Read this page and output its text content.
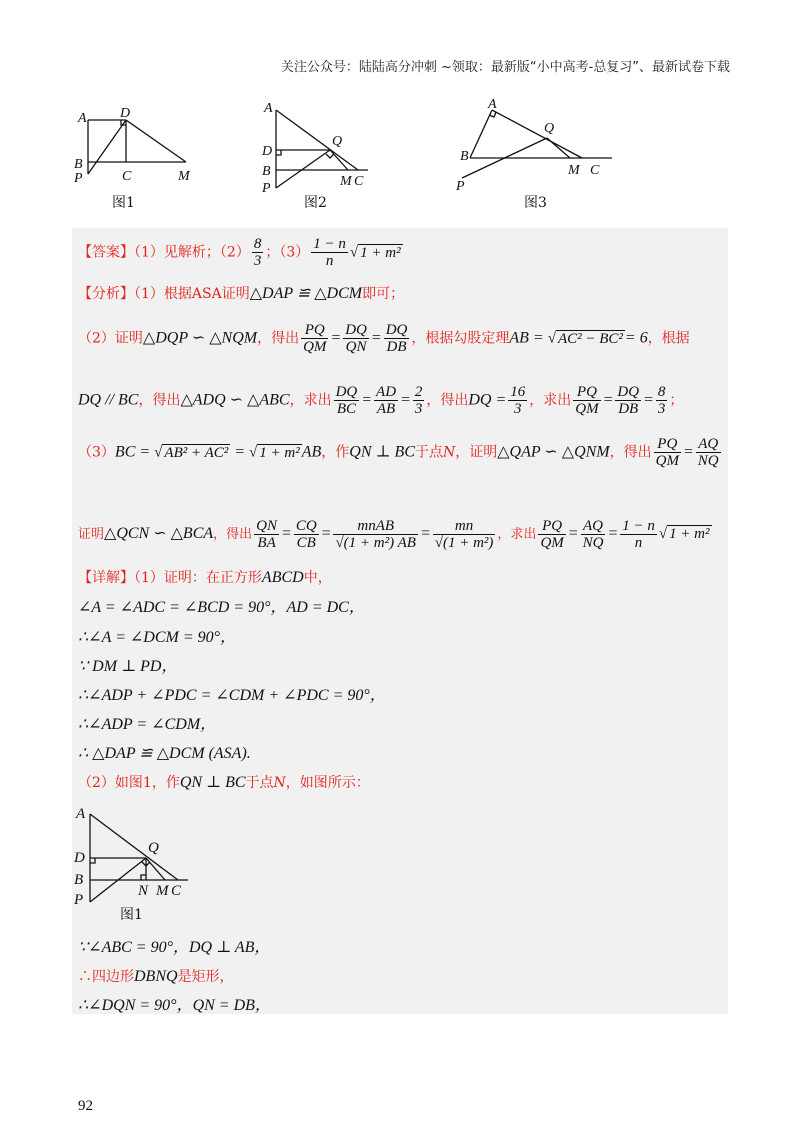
关注公众号：陆陆高分冲刺 ~领取：最新版“小中高考-总复习”、最新试卷下载
A D
B
P	C	M
图1
A
Q
D
B
P	M C
图2
A
Q
B
P
M C
图3
【答案】（1）见解析；$(2) \frac{8}{3}$ ；$(3) \frac{1 - n}{n}$ √ 1 + m²
【分析】（1）根据ASA证明△DAP ≌ △DCM即可；
（2）证明△DQP ∽ △NQM，得出 $\frac{PQ}{QM} = \frac{DQ}{QN} = \frac{DQ}{DB}$ ，根据勾股定理AB = √ AC² − BC² = 6，根据
DQ // BC，得出△ADQ ∽ △ABC，求出 $\frac{DQ}{BC} = \frac{AD}{AB} = \frac{2}{3}$ ，得出DQ = $\frac{16}{3}$ ，求出 $\frac{PQ}{QM} = \frac{DQ}{DB} = \frac{8}{3}$ ；
（3）BC = √ AB² + AC² = √ 1 + m² AB，作QN ⊥ BC于点N，证明△QAP ∽ △QNM，得出 $\frac{PQ}{QM} = \frac{AQ}{NQ}$
证明△QCN ∽ △BCA，得出 $\frac{QN}{BA} = \frac{CQ}{CB} = \frac{\text{mnAB}}{\text{√(1 + m²) AB}} = \frac{mn}{\text{√(1 + m²)}}$ ，求出 $\frac{PQ}{QM} = \frac{AQ}{NQ} = \frac{1 - n}{n}$ √ 1 + m²
【详解】（1）证明：在正方形ABCD中，
∠A = ∠ADC = ∠BCD = 90°，AD = DC，
∴∠A = ∠DCM = 90°，
∵ DM ⊥ PD，
∴∠ADP + ∠PDC = ∠CDM + ∠PDC = 90°，
∴∠ADP = ∠CDM，
∴ △DAP ≌ △DCM (ASA).
（2）如图1，作QN ⊥ BC于点N，如图所示：
A
Q
D
B
P
N M C
图1
∵∠ABC = 90°，DQ ⊥ AB，
∴四边形DBNQ是矩形，
∴∠DQN = 90°，QN = DB，
92
